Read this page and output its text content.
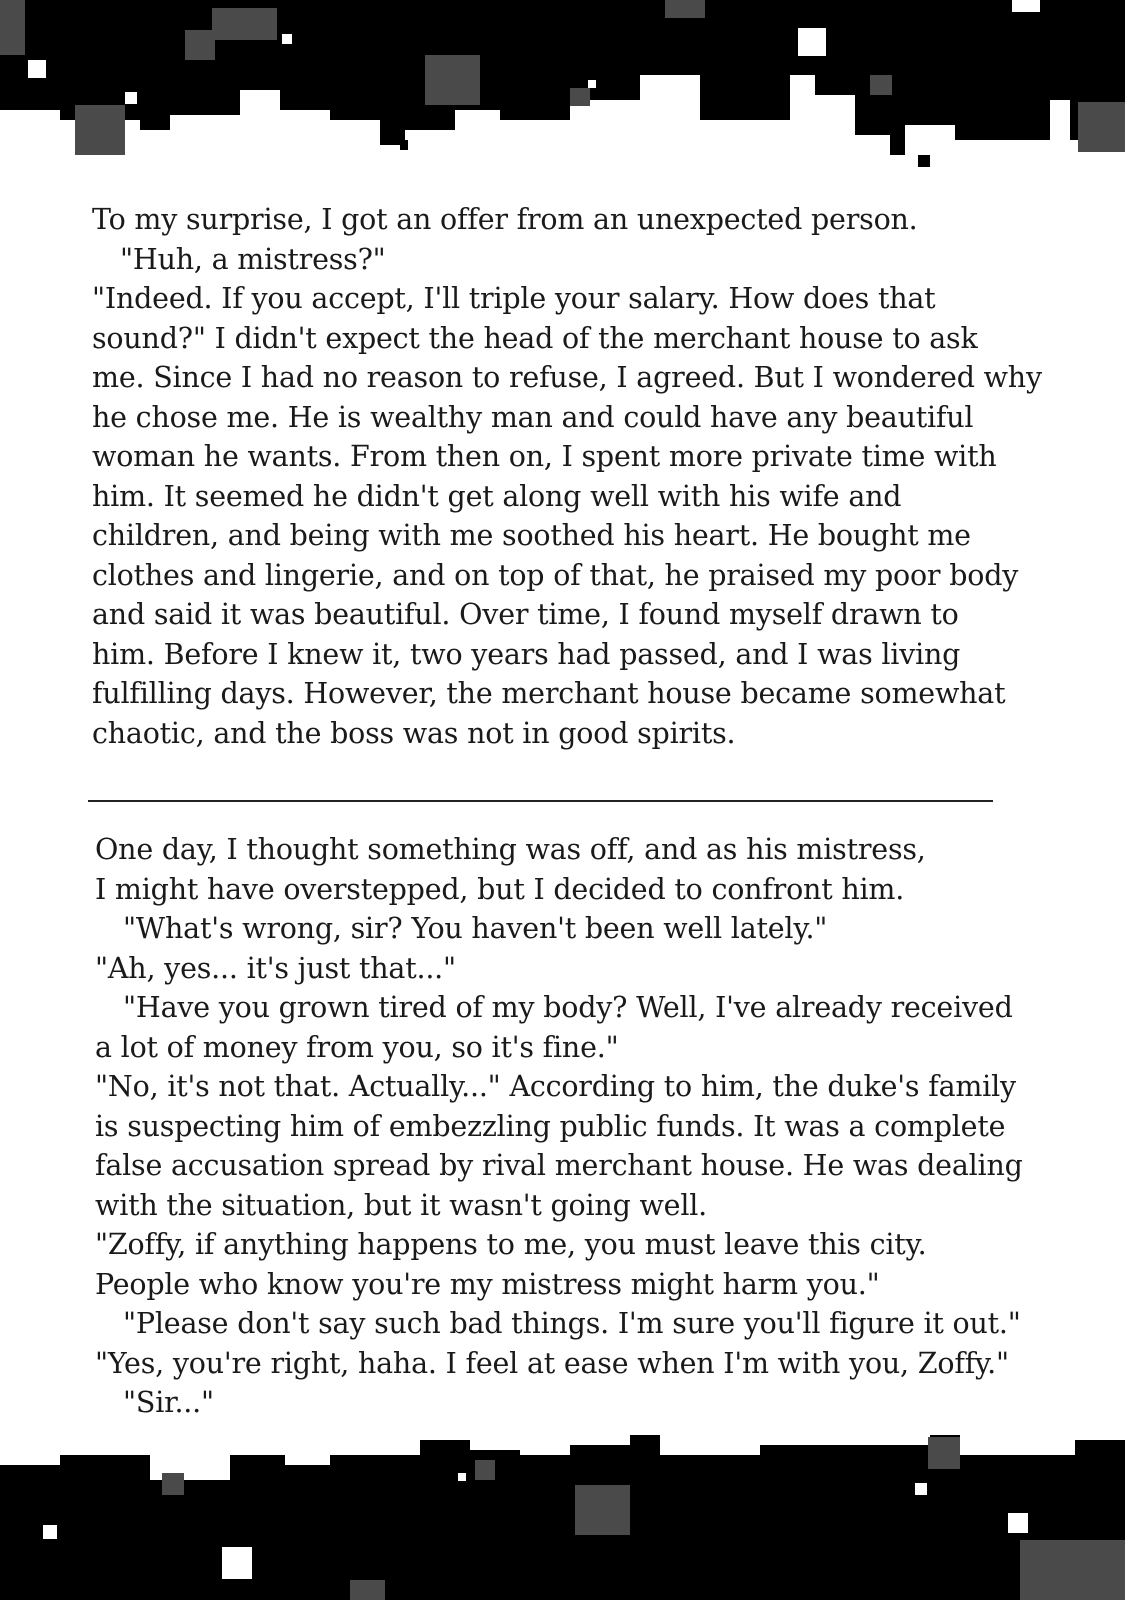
To my surprise, I got an offer from an unexpected person.
"Huh, a mistress?"
"Indeed. If you accept, I'll triple your salary. How does that
sound?" I didn't expect the head of the merchant house to ask
me. Since I had no reason to refuse, I agreed. But I wondered why
he chose me. He is wealthy man and could have any beautiful
woman he wants. From then on, I spent more private time with
him. It seemed he didn't get along well with his wife and
children, and being with me soothed his heart. He bought me
clothes and lingerie, and on top of that, he praised my poor body
and said it was beautiful. Over time, I found myself drawn to
him. Before I knew it, two years had passed, and I was living
fulfilling days. However, the merchant house became somewhat
chaotic, and the boss was not in good spirits.
One day, I thought something was off, and as his mistress,
I might have overstepped, but I decided to confront him.
"What's wrong, sir? You haven't been well lately."
"Ah, yes... it's just that..."
"Have you grown tired of my body? Well, I've already received
a lot of money from you, so it's fine."
"No, it's not that. Actually..." According to him, the duke's family
is suspecting him of embezzling public funds. It was a complete
false accusation spread by rival merchant house. He was dealing
with the situation, but it wasn't going well.
"Zoffy, if anything happens to me, you must leave this city.
People who know you're my mistress might harm you."
"Please don't say such bad things. I'm sure you'll figure it out."
"Yes, you're right, haha. I feel at ease when I'm with you, Zoffy."
"Sir..."
